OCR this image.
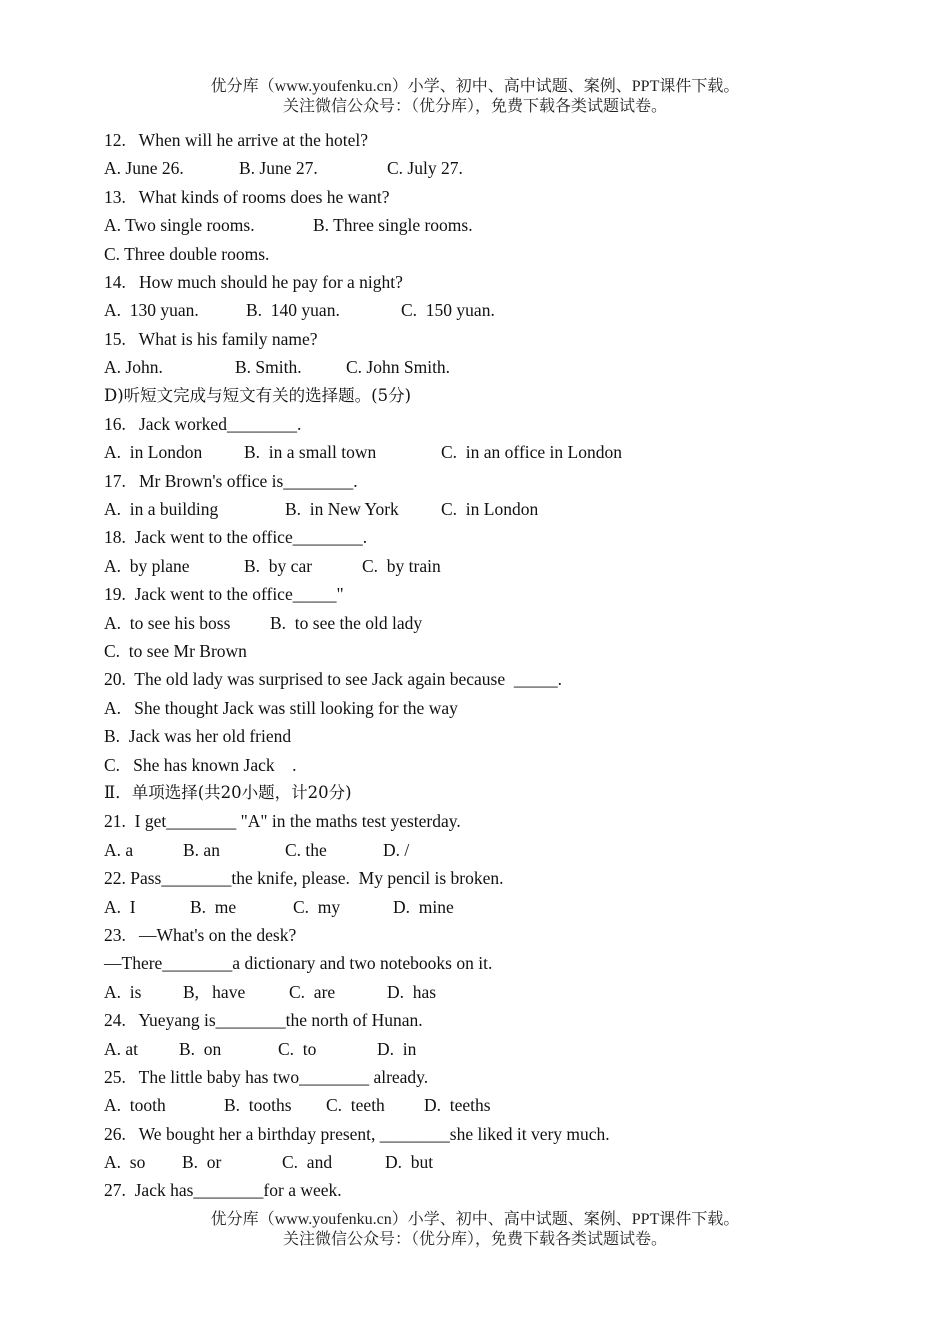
优分库（www.youfenku.cn）小学、初中、高中试题、案例、PPT课件下载。
关注微信公众号：（优分库），免费下载各类试题试卷。
12.   When will he arrive at the hotel?
A. June 26.	B. June 27.	C. July 27.
13.   What kinds of rooms does he want?
A. Two single rooms.	B. Three single rooms.
C. Three double rooms.
14.   How much should he pay for a night?
A.  130 yuan.	B.  140 yuan.	C.  150 yuan.
15.   What is his family name?
A. John.	B. Smith.	C. John Smith.
D)听短文完成与短文有关的选择题。(5分)
16.   Jack worked________.
A.  in London	B.  in a small town	C.  in an office in London
17.   Mr Brown's office is________.
A.  in a building	B.  in New York	C.  in London
18.  Jack went to the office________.
A.  by plane	B.  by car	C.  by train
19.  Jack went to the office_____"
A.  to see his boss	B.  to see the old lady
C.  to see Mr Brown
20.  The old lady was surprised to see Jack again because  _____.
A.   She thought Jack was still looking for the way
B.  Jack was her old friend
C.   She has known Jack    .
Ⅱ．单项选择(共20小题，计20分)
21.  I get________ "A" in the maths test yesterday.
A. a	B. an	C. the	D. /
22. Pass________the knife, please.  My pencil is broken.
A.  I	B.  me	C.  my	D.  mine
23.   —What's on the desk?
—There________a dictionary and two notebooks on it.
A.  is	B,   have	C.  are	D.  has
24.   Yueyang is________the north of Hunan.
A. at	B.  on	C.  to	D.  in
25.   The little baby has two________ already.
A.  tooth	B.  tooths	C.  teeth	D.  teeths
26.   We bought her a birthday present, ________she liked it very much.
A.  so	B.  or	C.  and	D.  but
27.  Jack has________for a week.
优分库（www.youfenku.cn）小学、初中、高中试题、案例、PPT课件下载。
关注微信公众号：（优分库），免费下载各类试题试卷。
